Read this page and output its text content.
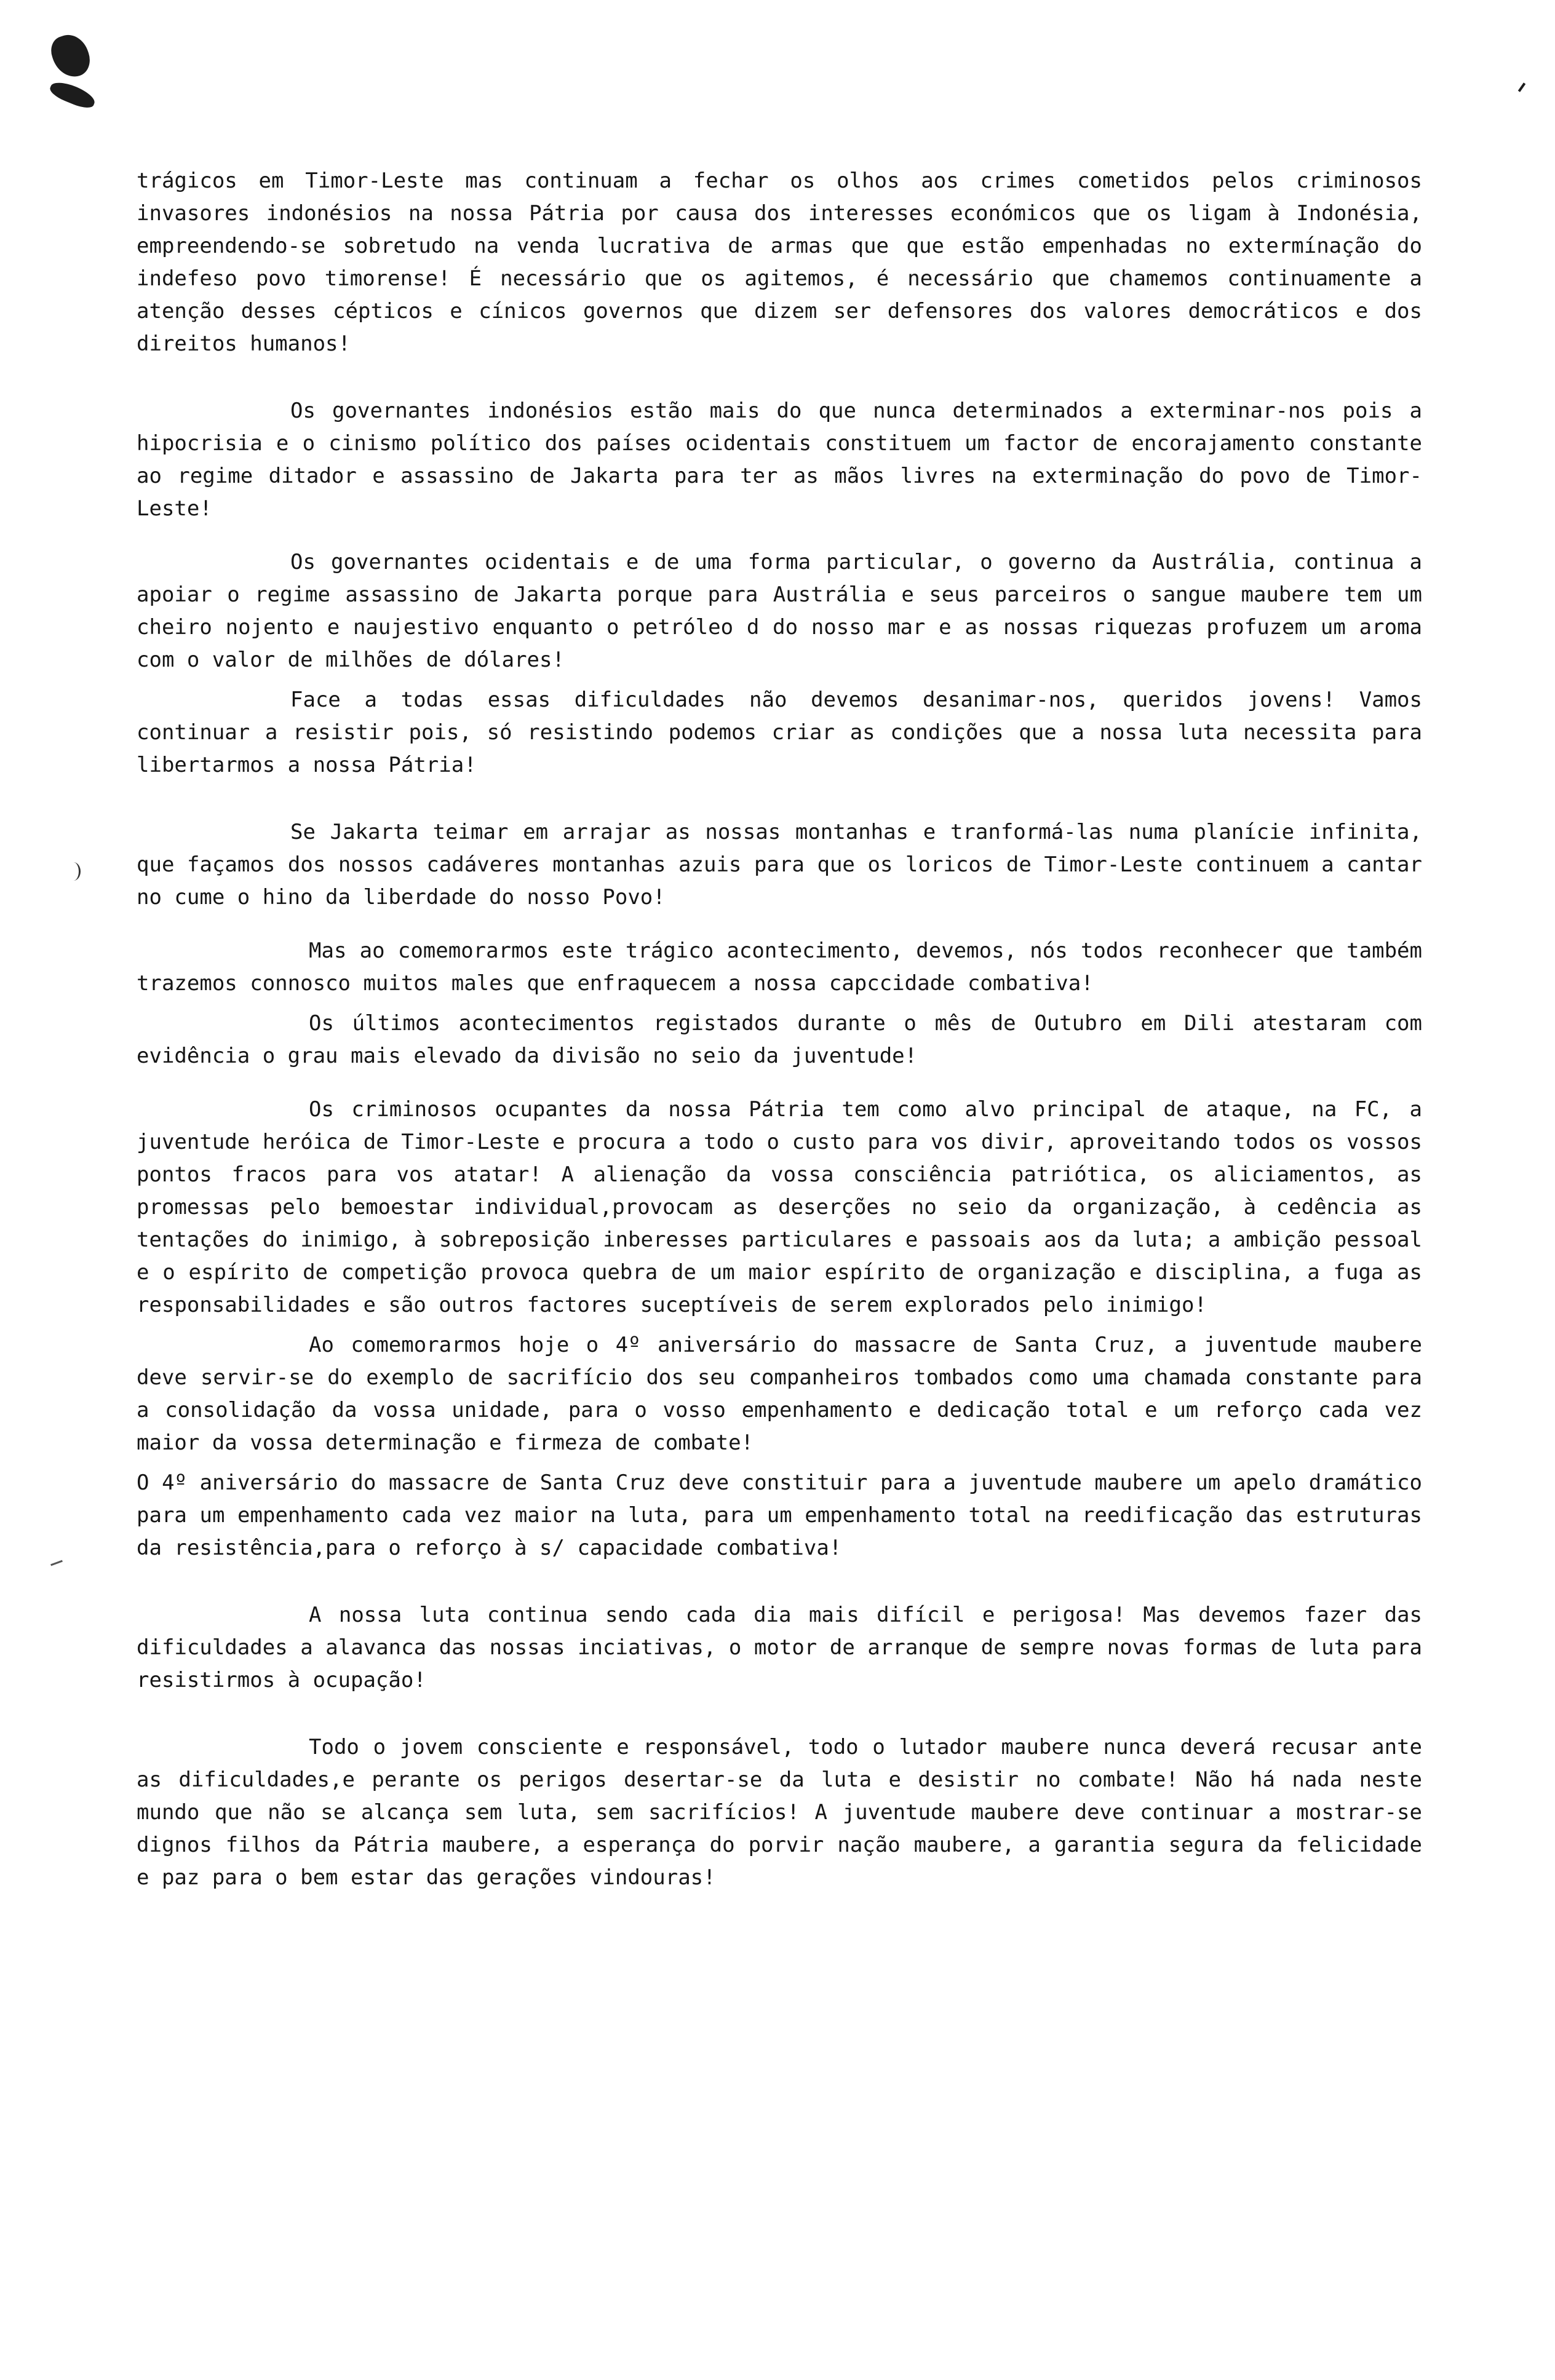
trágicos em Timor-Leste mas continuam a fechar os olhos aos crimes cometidos pelos criminosos invasores indonésios na nossa Pátria por causa dos interesses económicos que os ligam à Indonésia, empreendendo-se sobretudo na venda lucrativa de armas que que estão empenhadas no extermínação do indefeso povo timorense! É necessário que os agitemos, é necessário que chamemos continuamente a atenção desses cépticos e cínicos governos que dizem ser defensores dos valores democráticos e dos direitos humanos!

Os governantes indonésios estão mais do que nunca determinados a exterminar-nos pois a hipocrisia e o cinismo político dos países ocidentais constituem um factor de encorajamento constante ao regime ditador e assassino de Jakarta para ter as mãos livres na exterminação do povo de Timor-Leste!

Os governantes ocidentais e de uma forma particular, o governo da Austrália, continua a apoiar o regime assassino de Jakarta porque para Austrália e seus parceiros o sangue maubere tem um cheiro nojento e naujestivo enquanto o petróleo d do nosso mar e as nossas riquezas profuzem um aroma com o valor de milhões de dólares!

Face a todas essas dificuldades não devemos desanimar-nos, queridos jovens! Vamos continuar a resistir pois, só resistindo podemos criar as condições que a nossa luta necessita para libertarmos a nossa Pátria!

Se Jakarta teimar em arrajar as nossas montanhas e tranformá-las numa planície infinita, que façamos dos nossos cadáveres montanhas azuis para que os loricos de Timor-Leste continuem a cantar no cume o hino da liberdade do nosso Povo!

Mas ao comemorarmos este trágico acontecimento, devemos, nós todos reconhecer que também trazemos connosco muitos males que enfraquecem a nossa capccidade combativa!

Os últimos acontecimentos registados durante o mês de Outubro em Dili atestaram com evidência o grau mais elevado da divisão no seio da juventude!

Os criminosos ocupantes da nossa Pátria tem como alvo principal de ataque, na FC, a juventude heróica de Timor-Leste e procura a todo o custo para vos divir, aproveitando todos os vossos pontos fracos para vos atatar! A alienação da vossa consciência patriótica, os aliciamentos, as promessas pelo bemoestar individual,provocam as deserções no seio da organização, à cedência as tentações do inimigo, à sobreposição inberesses particulares e passoais aos da luta; a ambição pessoal e o espírito de competição provoca quebra de um maior espírito de organização e disciplina, a fuga as responsabilidades e são outros factores suceptíveis de serem explorados pelo inimigo!

Ao comemorarmos hoje o 4º aniversário do massacre de Santa Cruz, a juventude maubere deve servir-se do exemplo de sacrifício dos seu companheiros tombados como uma chamada constante para a consolidação da vossa unidade, para o vosso empenhamento e dedicação total e um reforço cada vez maior da vossa determinação e firmeza de combate!

O 4º aniversário do massacre de Santa Cruz deve constituir para a juventude maubere um apelo dramático para um empenhamento cada vez maior na luta, para um empenhamento total na reedificação das estruturas da resistência,para o reforço à s/ capacidade combativa!

A nossa luta continua sendo cada dia mais difícil e perigosa! Mas devemos fazer das dificuldades a alavanca das nossas inciativas, o motor de arranque de sempre novas formas de luta para resistirmos à ocupação!

Todo o jovem consciente e responsável, todo o lutador maubere nunca deverá recusar ante as dificuldades,e perante os perigos desertar-se da luta e desistir no combate! Não há nada neste mundo que não se alcança sem luta, sem sacrifícios! A juventude maubere deve continuar a mostrar-se dignos filhos da Pátria maubere, a esperança do porvir nação maubere, a garantia segura da felicidade e paz para o bem estar das gerações vindouras!
